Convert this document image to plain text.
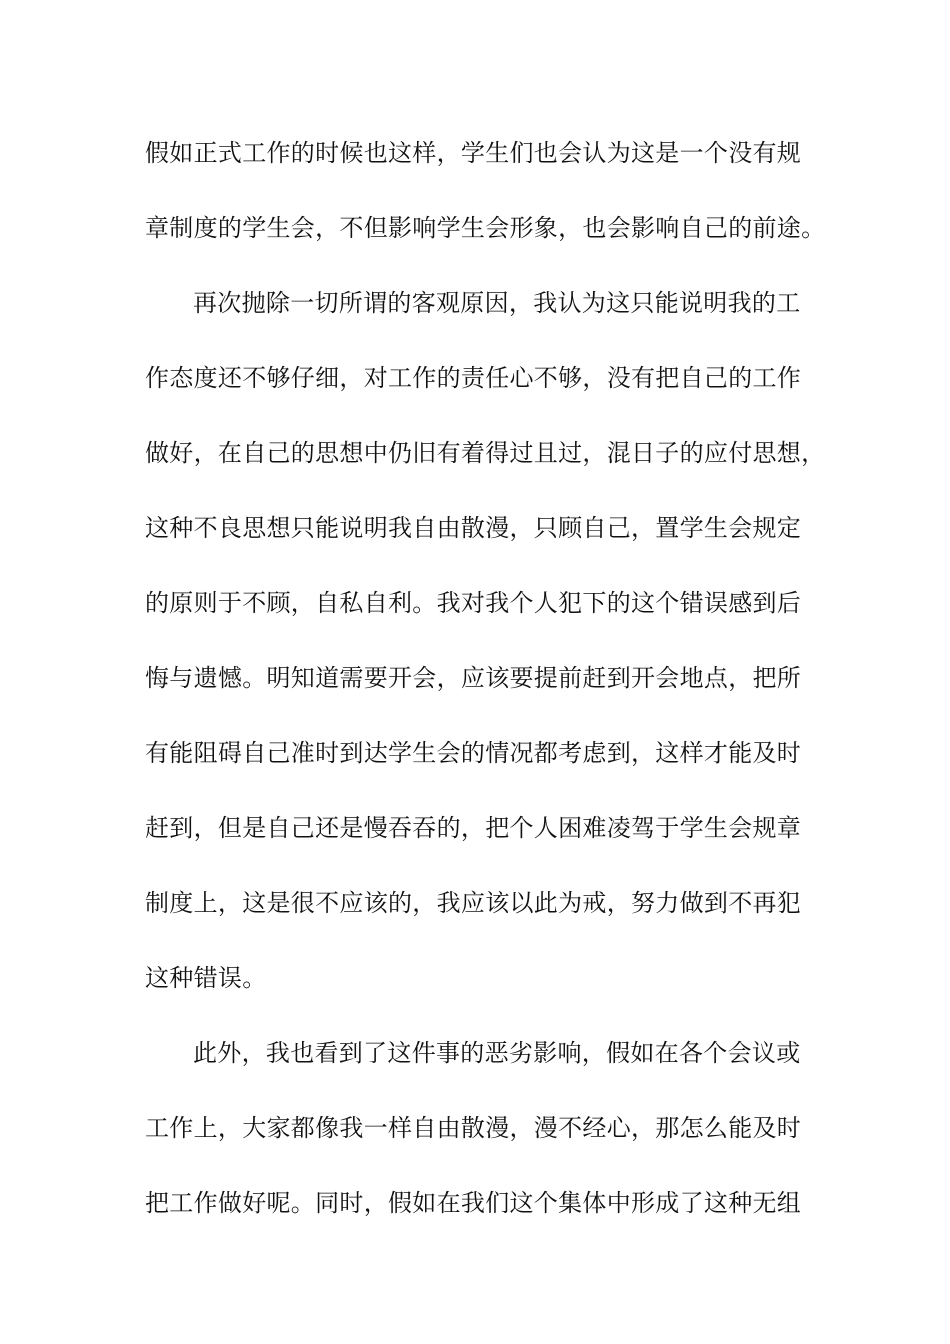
假如正式工作的时候也这样，学生们也会认为这是一个没有规
章制度的学生会，不但影响学生会形象，也会影响自己的前途。
再次抛除一切所谓的客观原因，我认为这只能说明我的工
作态度还不够仔细，对工作的责任心不够，没有把自己的工作
做好，在自己的思想中仍旧有着得过且过，混日子的应付思想，
这种不良思想只能说明我自由散漫，只顾自己，置学生会规定
的原则于不顾，自私自利。我对我个人犯下的这个错误感到后
悔与遗憾。明知道需要开会，应该要提前赶到开会地点，把所
有能阻碍自己准时到达学生会的情况都考虑到，这样才能及时
赶到，但是自己还是慢吞吞的，把个人困难凌驾于学生会规章
制度上，这是很不应该的，我应该以此为戒，努力做到不再犯
这种错误。
此外，我也看到了这件事的恶劣影响，假如在各个会议或
工作上，大家都像我一样自由散漫，漫不经心，那怎么能及时
把工作做好呢。同时，假如在我们这个集体中形成了这种无组
